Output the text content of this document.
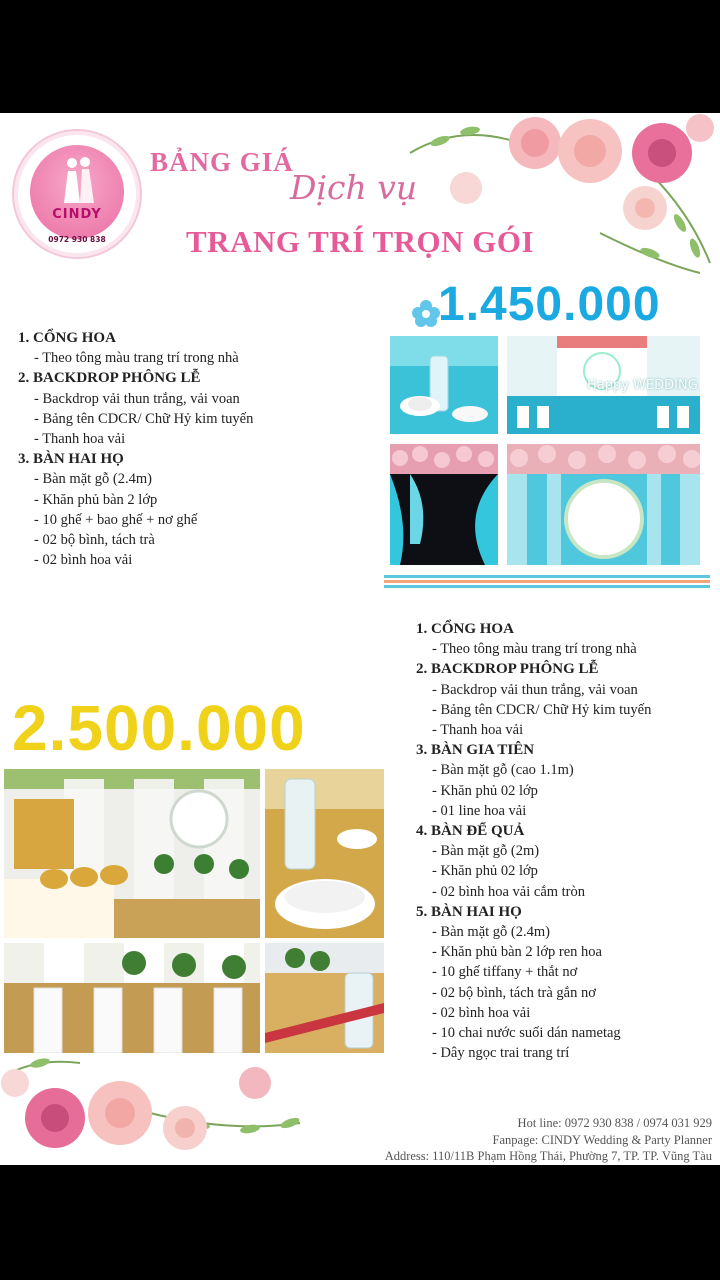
CINDY
0972 930 838
BẢNG GIÁ
Dịch vụ
TRANG TRÍ TRỌN GÓI
1.450.000
1. CỔNG HOA
- Theo tông màu trang trí trong nhà
2. BACKDROP PHÔNG LỄ
- Backdrop vải thun trắng, vải voan
- Bảng tên CDCR/ Chữ Hỷ kim tuyến
- Thanh hoa vải
3. BÀN HAI HỌ
- Bàn mặt gỗ (2.4m)
- Khăn phủ bàn 2 lớp
- 10 ghế + bao ghế + nơ ghế
- 02 bộ bình, tách trà
- 02 bình hoa vải
Happy WEDDING
1. CỔNG HOA
- Theo tông màu trang trí trong nhà
2. BACKDROP PHÔNG LỄ
- Backdrop vải thun trắng, vải voan
- Bảng tên CDCR/ Chữ Hỷ kim tuyến
- Thanh hoa vải
3. BÀN GIA TIÊN
- Bàn mặt gỗ (cao 1.1m)
- Khăn phủ 02 lớp
- 01 line hoa vải
4. BÀN ĐỂ QUẢ
- Bàn mặt gỗ (2m)
- Khăn phủ 02 lớp
- 02 bình hoa vải cắm tròn
5. BÀN HAI HỌ
- Bàn mặt gỗ (2.4m)
- Khăn phủ bàn 2 lớp ren hoa
- 10 ghế tiffany + thắt nơ
- 02 bộ bình, tách trà gắn nơ
- 02 bình hoa vải
- 10 chai nước suối dán nametag
- Dây ngọc trai trang trí
2.500.000
Hot line: 0972 930 838 / 0974 031 929
Fanpage: CINDY Wedding & Party Planner
Address: 110/11B Phạm Hồng Thái, Phường 7, TP. TP. Vũng Tàu
